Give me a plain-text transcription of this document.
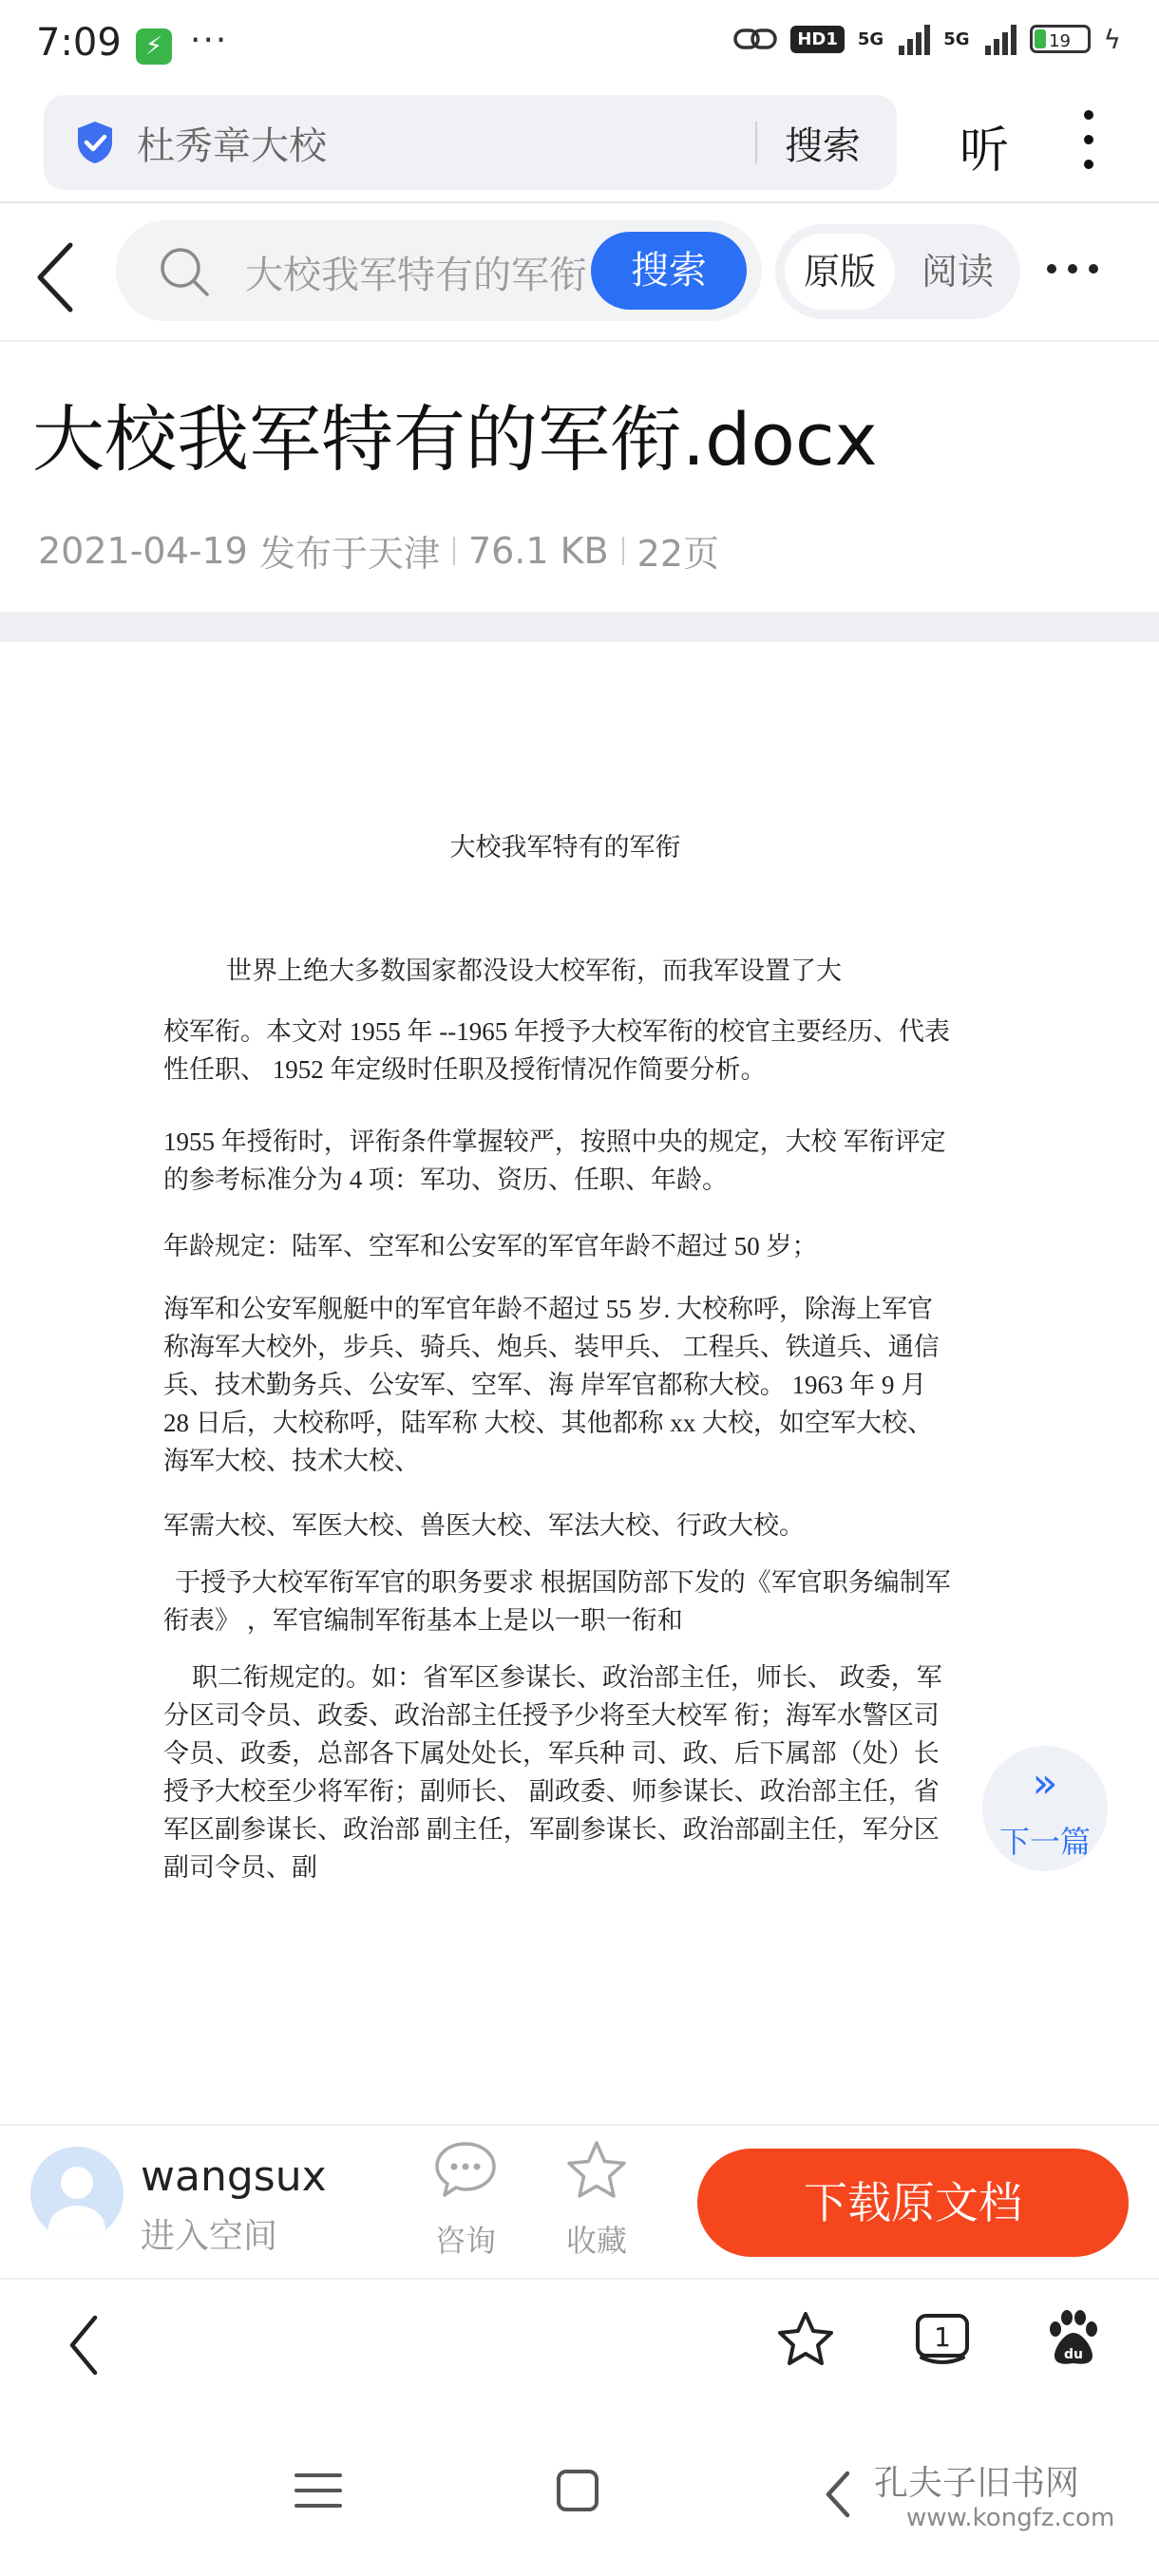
7:09 ⚡ ···	HD1	5G	5G	19	ϟ
杜秀章大校	搜索 听
大校我军特有的军衔	搜索	原版	阅读
大校我军特有的军衔.docx
2021-04-19
发布于天津 76.1 KB 22页
大校我军特有的军衔
世界上绝大多数国家都没设大校军衔，而我军设置了大
校军衔。本文对 1955 年 --1965 年授予大校军衔的校官主要经历、代表性任职、 1952 年定级时任职及授衔情况作简要分析。
1955 年授衔时，评衔条件掌握较严，按照中央的规定，大校 军衔评定的参考标准分为 4 项：军功、资历、任职、年龄。
年龄规定：陆军、空军和公安军的军官年龄不超过 50 岁；
海军和公安军舰艇中的军官年龄不超过 55 岁. 大校称呼，除海上军官称海军大校外，步兵、骑兵、炮兵、装甲兵、 工程兵、铁道兵、通信兵、技术勤务兵、公安军、空军、海 岸军官都称大校。 1963 年 9 月 28 日后，大校称呼，陆军称 大校、其他都称 xx 大校，如空军大校、海军大校、技术大校、
军需大校、军医大校、兽医大校、军法大校、行政大校。
于授予大校军衔军官的职务要求 根据国防部下发的《军官职务编制军衔表》 ，军官编制军衔基本上是以一职一衔和
职二衔规定的。如：省军区参谋长、政治部主任，师长、 政委，军分区司令员、政委、政治部主任授予少将至大校军 衔；海军水警区司令员、政委，总部各下属处处长，军兵种 司、政、后下属部（处）长授予大校至少将军衔；副师长、 副政委、师参谋长、政治部主任，省军区副参谋长、政治部 副主任，军副参谋长、政治部副主任，军分区副司令员、副
»
下一篇
wangsux
进入空间	咨询 收藏
下载原文档
1
du
孔夫子旧书网
www.kongfz.com
